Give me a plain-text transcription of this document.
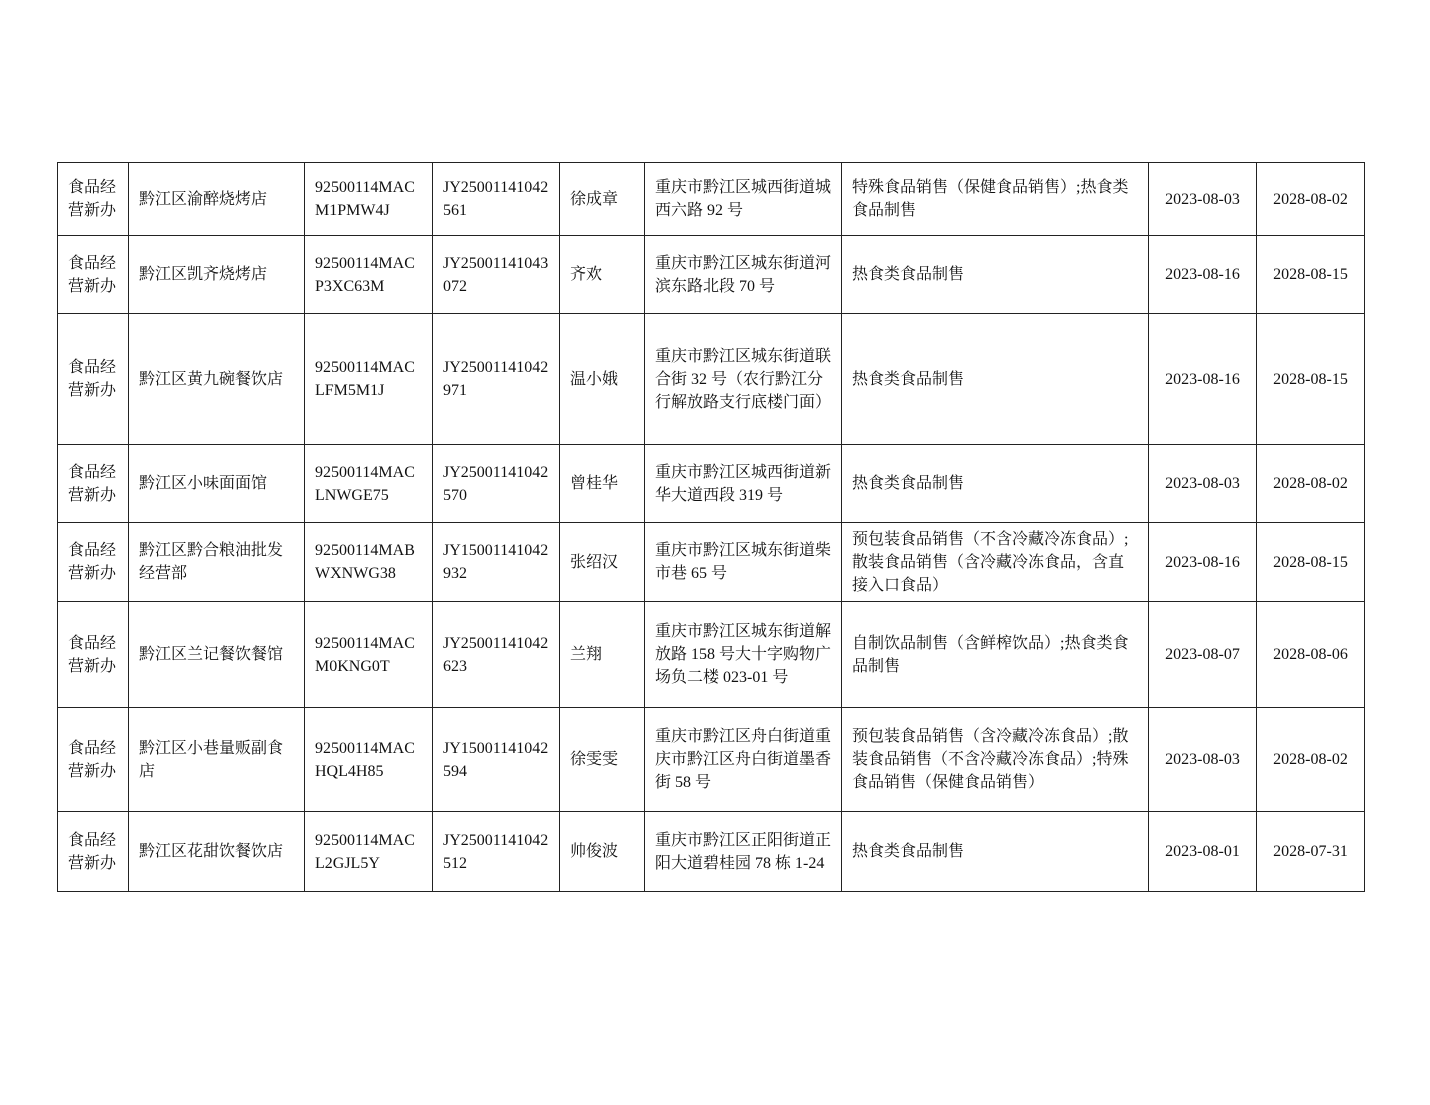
食品经营新办	黔江区渝醉烧烤店	92500114MACM1PMW4J	JY25001141042561	徐成章	重庆市黔江区城西街道城西六路 92 号	特殊食品销售（保健食品销售）;热食类食品制售	2023-08-03	2028-08-02
食品经营新办	黔江区凯齐烧烤店	92500114MACP3XC63M	JY25001141043072	齐欢	重庆市黔江区城东街道河滨东路北段 70 号	热食类食品制售	2023-08-16	2028-08-15
食品经营新办	黔江区黄九碗餐饮店	92500114MACLFM5M1J	JY25001141042971	温小娥	重庆市黔江区城东街道联合街 32 号（农行黔江分行解放路支行底楼门面）	热食类食品制售	2023-08-16	2028-08-15
食品经营新办	黔江区小味面面馆	92500114MACLNWGE75	JY25001141042570	曾桂华	重庆市黔江区城西街道新华大道西段 319 号	热食类食品制售	2023-08-03	2028-08-02
食品经营新办	黔江区黔合粮油批发经营部	92500114MABWXNWG38	JY15001141042932	张绍汉	重庆市黔江区城东街道柴市巷 65 号	预包装食品销售（不含冷藏冷冻食品）;散装食品销售（含冷藏冷冻食品，含直接入口食品）	2023-08-16	2028-08-15
食品经营新办	黔江区兰记餐饮餐馆	92500114MACM0KNG0T	JY25001141042623	兰翔	重庆市黔江区城东街道解放路 158 号大十字购物广场负二楼 023-01 号	自制饮品制售（含鲜榨饮品）;热食类食品制售	2023-08-07	2028-08-06
食品经营新办	黔江区小巷量贩副食店	92500114MACHQL4H85	JY15001141042594	徐雯雯	重庆市黔江区舟白街道重庆市黔江区舟白街道墨香街 58 号	预包装食品销售（含冷藏冷冻食品）;散装食品销售（不含冷藏冷冻食品）;特殊食品销售（保健食品销售）	2023-08-03	2028-08-02
食品经营新办	黔江区花甜饮餐饮店	92500114MACL2GJL5Y	JY25001141042512	帅俊波	重庆市黔江区正阳街道正阳大道碧桂园 78 栋 1-24	热食类食品制售	2023-08-01	2028-07-31
